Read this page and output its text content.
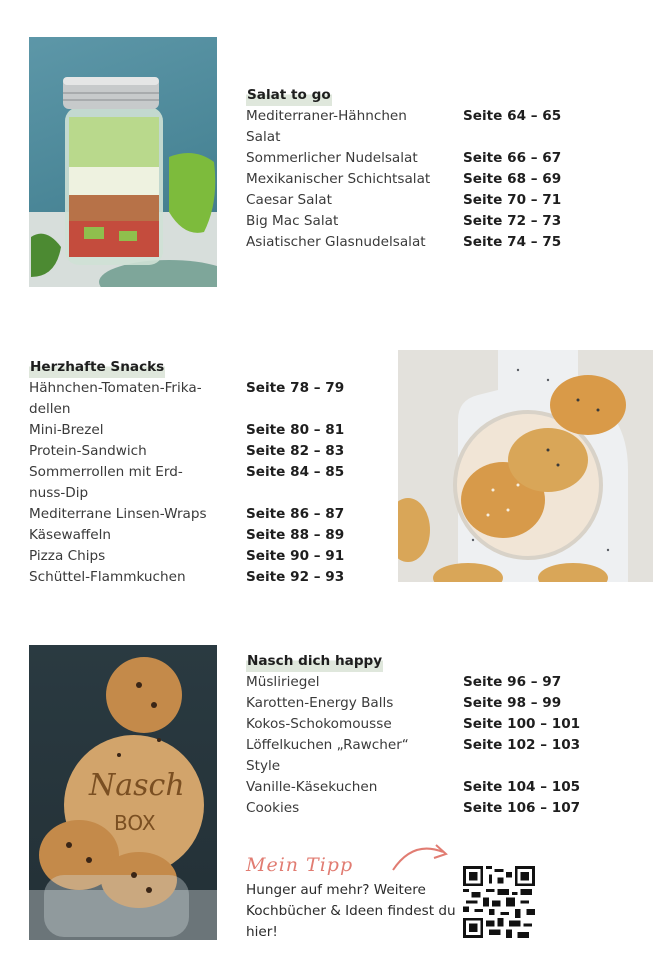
Salat to go
Mediterraner-Hähnchen	Seite 64 – 65
Salat
Sommerlicher Nudelsalat	Seite 66 – 67
Mexikanischer Schichtsalat Seite 68 – 69
Caesar Salat	Seite 70 – 71
Big Mac Salat	Seite 72 – 73
Asiatischer Glasnudelsalat	Seite 74 – 75
Herzhafte Snacks
Hähnchen-Tomaten-Frika-	Seite 78 – 79
dellen
Mini-Brezel	Seite 80 – 81
Protein-Sandwich	Seite 82 – 83
Sommerrollen mit Erd-	Seite 84 – 85
nuss-Dip
Mediterrane Linsen-Wraps	Seite 86 – 87
Käsewaffeln	Seite 88 – 89
Pizza Chips	Seite 90 – 91
Schüttel-Flammkuchen	Seite 92 – 93
Nasch
BOX
Nasch dich happy
Müsliriegel	Seite 96 – 97
Karotten-Energy Balls	Seite 98 – 99
Kokos-Schokomousse	Seite 100 – 101
Löffelkuchen „Rawcher“	Seite 102 – 103
Style
Vanille-Käsekuchen	Seite 104 – 105
Cookies	Seite 106 – 107
Mein Tipp
Hunger auf mehr? Weitere Kochbücher & Ideen findest du hier!
